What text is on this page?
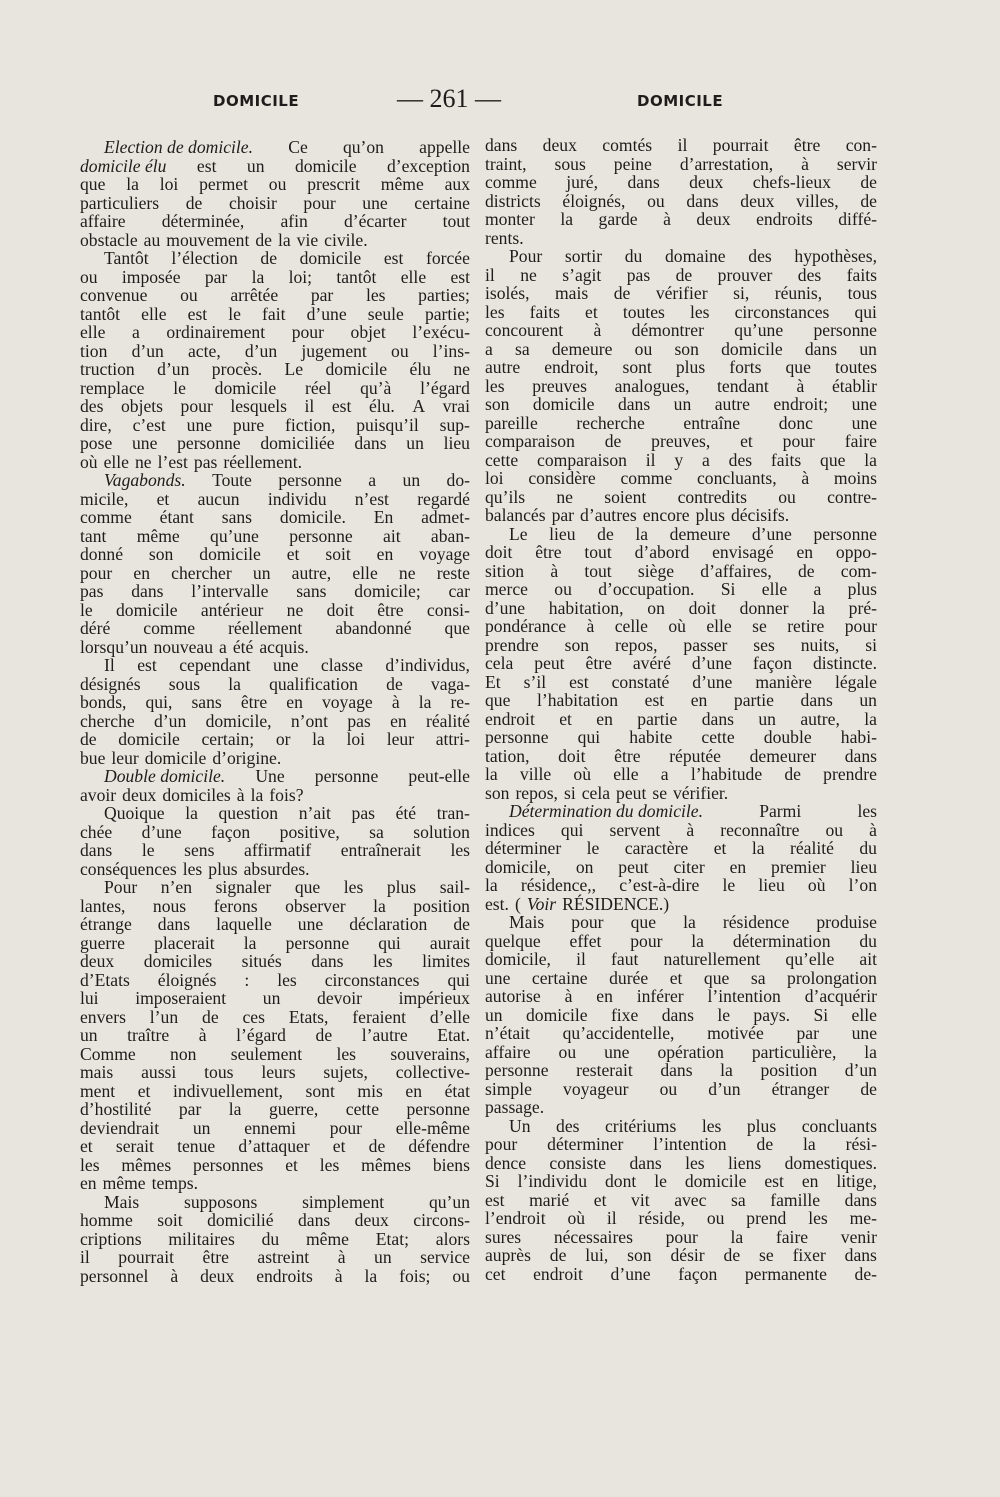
DOMICILE	— 261 —	DOMICILE
Election de domicile. Ce qu’on appelle
domicile élu est un domicile d’exception
que la loi permet ou prescrit même aux
particuliers de choisir pour une certaine
affaire déterminée, afin d’écarter tout
obstacle au mouvement de la vie civile.
Tantôt l’élection de domicile est forcée
ou imposée par la loi; tantôt elle est
convenue ou arrêtée par les parties;
tantôt elle est le fait d’une seule partie;
elle a ordinairement pour objet l’exécu-
tion d’un acte, d’un jugement ou l’ins-
truction d’un procès. Le domicile élu ne
remplace le domicile réel qu’à l’égard
des objets pour lesquels il est élu. A vrai
dire, c’est une pure fiction, puisqu’il sup-
pose une personne domiciliée dans un lieu
où elle ne l’est pas réellement.
Vagabonds. Toute personne a un do-
micile, et aucun individu n’est regardé
comme étant sans domicile. En admet-
tant même qu’une personne ait aban-
donné son domicile et soit en voyage
pour en chercher un autre, elle ne reste
pas dans l’intervalle sans domicile; car
le domicile antérieur ne doit être consi-
déré comme réellement abandonné que
lorsqu’un nouveau a été acquis.
Il est cependant une classe d’individus,
désignés sous la qualification de vaga-
bonds, qui, sans être en voyage à la re-
cherche d’un domicile, n’ont pas en réalité
de domicile certain; or la loi leur attri-
bue leur domicile d’origine.
Double domicile. Une personne peut-elle
avoir deux domiciles à la fois?
Quoique la question n’ait pas été tran-
chée d’une façon positive, sa solution
dans le sens affirmatif entraînerait les
conséquences les plus absurdes.
Pour n’en signaler que les plus sail-
lantes, nous ferons observer la position
étrange dans laquelle une déclaration de
guerre placerait la personne qui aurait
deux domiciles situés dans les limites
d’Etats éloignés : les circonstances qui
lui imposeraient un devoir impérieux
envers l’un de ces Etats, feraient d’elle
un traître à l’égard de l’autre Etat.
Comme non seulement les souverains,
mais aussi tous leurs sujets, collective-
ment et indivuellement, sont mis en état
d’hostilité par la guerre, cette personne
deviendrait un ennemi pour elle-même
et serait tenue d’attaquer et de défendre
les mêmes personnes et les mêmes biens
en même temps.
Mais	supposons	simplement	qu’un
homme soit domicilié dans deux circons-
criptions militaires du même Etat; alors
il pourrait être astreint à un service
personnel à deux endroits à la fois; ou
dans deux comtés il pourrait être con-
traint, sous peine d’arrestation, à servir
comme juré, dans deux chefs-lieux de
districts éloignés, ou dans deux villes, de
monter la garde à deux endroits diffé-
rents.
Pour sortir du domaine des hypothèses,
il ne s’agit pas de prouver des faits
isolés, mais de vérifier si, réunis, tous
les faits et toutes les circonstances qui
concourent à démontrer qu’une personne
a sa demeure ou son domicile dans un
autre endroit, sont plus forts que toutes
les preuves analogues, tendant à établir
son domicile dans un autre endroit; une
pareille recherche entraîne donc une
comparaison de preuves, et pour faire
cette comparaison il y a des faits que la
loi considère comme concluants, à moins
qu’ils ne soient contredits ou contre-
balancés par d’autres encore plus décisifs.
Le lieu de la demeure d’une personne
doit être tout d’abord envisagé en oppo-
sition à tout siège d’affaires, de com-
merce ou d’occupation. Si elle a plus
d’une habitation, on doit donner la pré-
pondérance à celle où elle se retire pour
prendre son repos, passer ses nuits, si
cela peut être avéré d’une façon distincte.
Et s’il est constaté d’une manière légale
que l’habitation est en partie dans un
endroit et en partie dans un autre, la
personne qui habite cette double habi-
tation, doit être réputée demeurer dans
la ville où elle a l’habitude de prendre
son repos, si cela peut se vérifier.
Détermination du domicile.	Parmi	les
indices qui servent à reconnaître ou à
déterminer le caractère et la réalité du
domicile, on peut citer en premier lieu
la résidence,, c’est-à-dire le lieu où l’on
est. ( Voir RÉSIDENCE.)
Mais pour que la résidence produise
quelque effet pour la détermination du
domicile, il faut naturellement qu’elle ait
une certaine durée et que sa prolongation
autorise à en inférer l’intention d’acquérir
un domicile fixe dans le pays. Si elle
n’était qu’accidentelle, motivée par une
affaire ou une opération particulière, la
personne resterait dans la position d’un
simple voyageur ou d’un étranger de
passage.
Un des critériums les plus concluants
pour déterminer l’intention de la rési-
dence consiste dans les liens domestiques.
Si l’individu dont le domicile est en litige,
est marié et vit avec sa famille dans
l’endroit où il réside, ou prend les me-
sures nécessaires pour la faire venir
auprès de lui, son désir de se fixer dans
cet endroit d’une façon permanente de-
